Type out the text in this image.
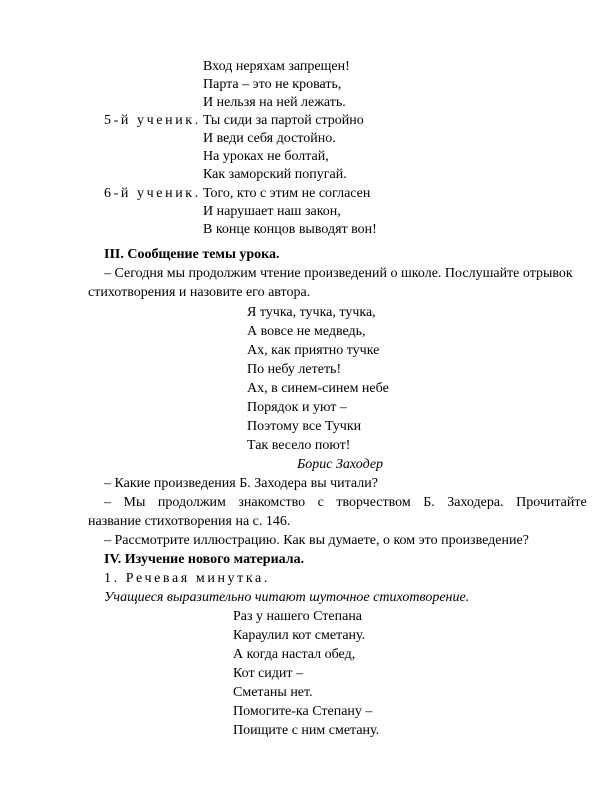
Вход неряхам запрещен!
Парта – это не кровать,
И нельзя на ней лежать.
5-й ученик. Ты сиди за партой стройно
И веди себя достойно.
На уроках не болтай,
Как заморский попугай.
6-й ученик. Того, кто с этим не согласен
И нарушает наш закон,
В конце концов выводят вон!
III. Сообщение темы урока.
– Сегодня мы продолжим чтение произведений о школе. Послушайте отрывок
стихотворения и назовите его автора.
Я тучка, тучка, тучка,
А вовсе не медведь,
Ах, как приятно тучке
По небу лететь!
Ах, в синем-синем небе
Порядок и уют –
Поэтому все Тучки
Так весело поют!
Борис Заходер
– Какие произведения Б. Заходера вы читали?
– Мы продолжим знакомство с творчеством Б. Заходера. Прочитайте
название стихотворения на с. 146.
– Рассмотрите иллюстрацию. Как вы думаете, о ком это произведение?
IV. Изучение нового материала.
1. Речевая минутка.
Учащиеся выразительно читают шуточное стихотворение.
Раз у нашего Степана
Караулил кот сметану.
А когда настал обед,
Кот сидит –
Сметаны нет.
Помогите-ка Степану –
Поищите с ним сметану.
